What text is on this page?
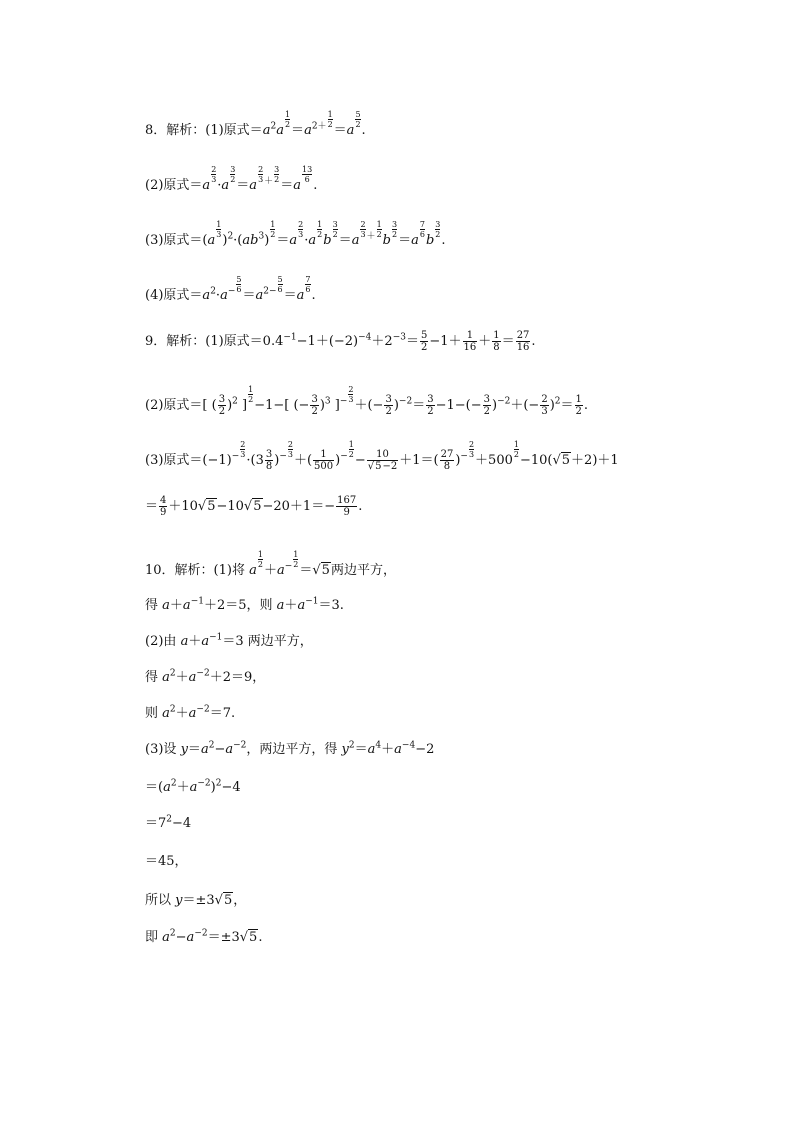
8．解析：(1)原式$=a^2a$
$\frac{1}{2}$
$=a^{2+} \frac{1}{2}$
＝a
$\frac{5}{2}$
.
(2)原式＝a
$\frac{2}{3}$
·a
$\frac{3}{2}$
＝a
$\frac{2}{3} ^+ \frac{3}{2}$
＝a
$\frac{13}{6}$
.
(3)原式＝(a
$\frac{1}{3}$
)$^2\cdot(ab^3)$
$\frac{1}{2}$
＝a
$\frac{2}{3}$
·a
$\frac{1}{2}$
b
$\frac{3}{2}$
＝a
$\frac{2}{3} ^+ \frac{1}{2}$
b
$\frac{3}{2}$
＝a
$\frac{7}{6}$
b
$\frac{3}{2}$
.
(4)原式$=a^2\cdot a^- \frac{5}{6}$
$=a^{2-} \frac{5}{6}$
＝a
$\frac{7}{6}$
.
9．解析：(1)原式$=0.4^{-1}-1+(-2)^{-4}+2^{-3}= \frac{5}{2} -1+ \frac{1}{16} + \frac{1}{8} = \frac{27}{16}$ .
(2)原式＝[ ( $\frac{3}{2} )^2$ ]
$\frac{1}{2}$
−1−[ (− $\frac{3}{2} )^3$ ]$^- \frac{2}{3}$
＋(− $\frac{3}{2} )^{-2}= \frac{3}{2} -1-(- \frac{3}{2} )^{-2}+(- \frac{2}{3} )^2= \frac{1}{2}$ .
(3)原式$=(-1)^- \frac{2}{3}$
$\cdot(3 \frac{3}{8} )^- \frac{2}{3}$
＋( $\frac{1}{500} )^- \frac{1}{2}$
− $\frac{10}{√5-2} +1=( \frac{27}{8} )^- \frac{2}{3}$
＋500
$\frac{1}{2}$
−10(√5＋2)＋1
＝ $\frac{4}{9} +10√5-10√5-20+1=- \frac{167}{9}$ .
10．解析：(1)将 a
$\frac{1}{2}$
$+a^- \frac{1}{2}$
＝√5两边平方，
得 $a+a^{-1}+2=5$，则 $a+a^{-1}=3$.
(2)由 $a+a^{-1}=3$ 两边平方，
得 $a^2+a^{-2}+2=9$，
则 $a^2+a^{-2}=7$.
(3)设 $y=a^2-a^{-2}$，两边平方，得 $y^2=a^4+a^{-4}-2$
$=(a^2+a^{-2})^2-4$
$=7^2-4$
＝45，
所以 y＝±3√5，
即 $a^2-a^{-2}=\pm 3√5$.
